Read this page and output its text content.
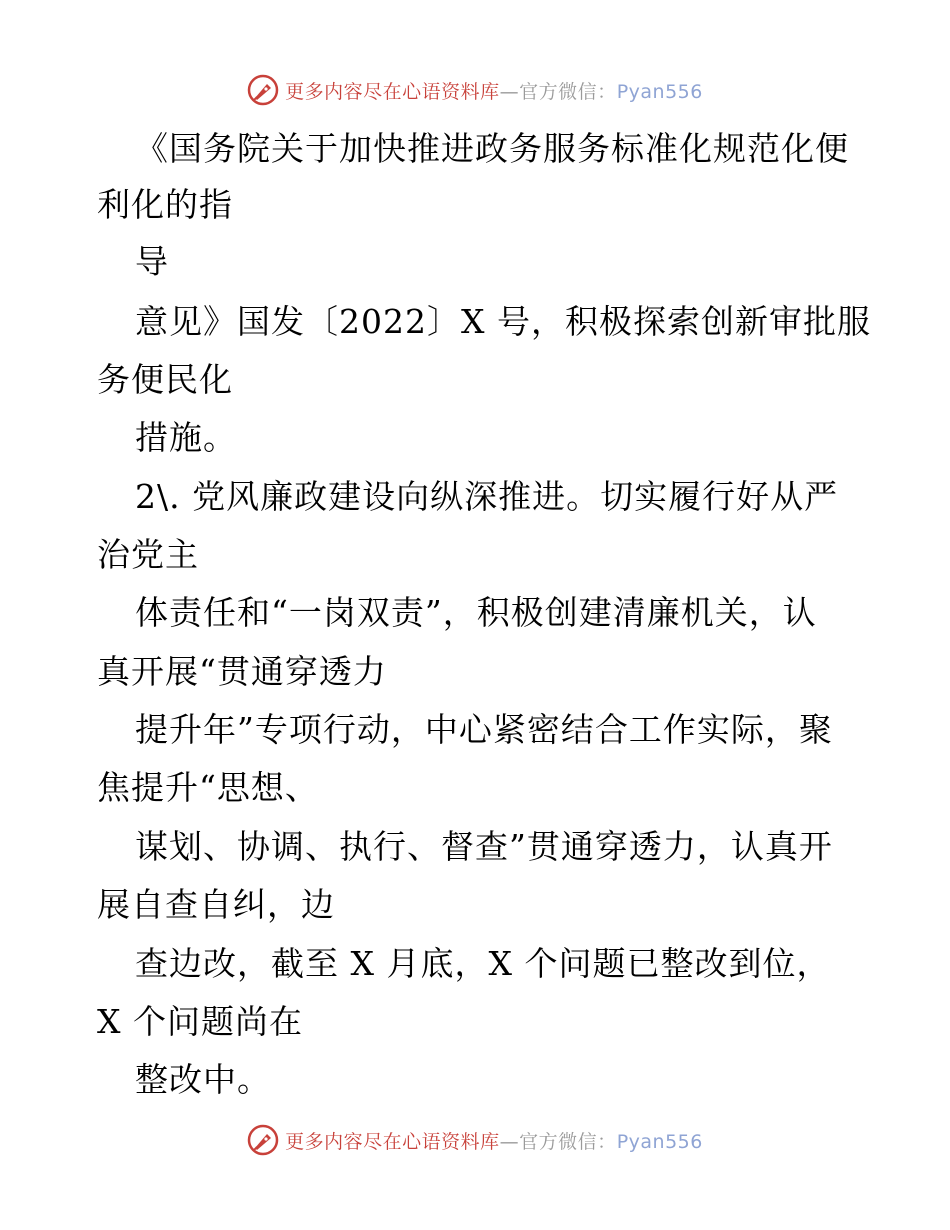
更多内容尽在心语资料库—官方微信：Pyan556
《国务院关于加快推进政务服务标准化规范化便
利化的指
导
意见》国发〔2022〕X 号，积极探索创新审批服
务便民化
措施。
2\. 党风廉政建设向纵深推进。切实履行好从严
治党主
体责任和“一岗双责”，积极创建清廉机关，认
真开展“贯通穿透力
提升年”专项行动，中心紧密结合工作实际，聚
焦提升“思想、
谋划、协调、执行、督查”贯通穿透力，认真开
展自查自纠，边
查边改，截至 X 月底，X 个问题已整改到位，
X 个问题尚在
整改中。
更多内容尽在心语资料库—官方微信：Pyan556
